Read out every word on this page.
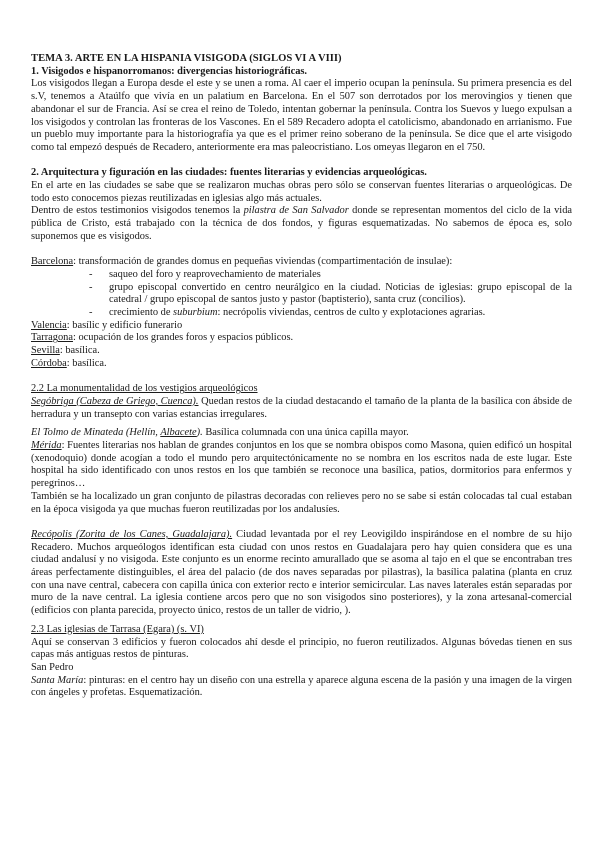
TEMA 3. ARTE EN LA HISPANIA VISIGODA (SIGLOS VI A VIII)

1. Visigodos e hispanorromanos: divergencias historiográficas.

Los visigodos llegan a Europa desde el este y se unen a roma. Al caer el imperio ocupan la península. Su primera presencia es del s.V, tenemos a Ataúlfo que vivía en un palatium en Barcelona. En el 507 son derrotados por los merovingios y tienen que abandonar el sur de Francia. Así se crea el reino de Toledo, intentan gobernar la península. Contra los Suevos y luego expulsan a los visigodos y controlan las fronteras de los Vascones. En el 589 Recadero adopta el catolicismo, abandonado en arrianismo. Fue un pueblo muy importante para la historiografía ya que es el primer reino soberano de la península. Se dice que el arte visigodo como tal empezó después de Recadero, anteriormente era mas paleocristiano. Los omeyas llegaron en el 750.

2. Arquitectura y figuración en las ciudades: fuentes literarias y evidencias arqueológicas.

En el arte en las ciudades se sabe que se realizaron muchas obras pero sólo se conservan fuentes literarias o arqueológicas. De todo esto conocemos piezas reutilizadas en iglesias algo más actuales.

Dentro de estos testimonios visigodos tenemos la pilastra de San Salvador donde se representan momentos del ciclo de la vida pública de Cristo, está trabajado con la técnica de dos fondos, y figuras esquematizadas. No sabemos de época es, solo suponemos que es visigodos.

Barcelona: transformación de grandes domus en pequeñas viviendas (compartimentación de insulae):

- saqueo del foro y reaprovechamiento de materiales
- grupo episcopal convertido en centro neurálgico en la ciudad. Noticias de iglesias: grupo episcopal de la catedral / grupo episcopal de santos justo y pastor (baptisterio), santa cruz (concilios).
- crecimiento de suburbium: necrópolis viviendas, centros de culto y explotaciones agrarias.

Valencia: basílic y edificio funerario

Tarragona: ocupación de los grandes foros y espacios públicos.

Sevilla: basílica.

Córdoba: basílica.

2.2 La monumentalidad de los vestigios arqueológicos

Segóbriga (Cabeza de Griego, Cuenca). Quedan restos de la ciudad destacando el tamaño de la planta de la basílica con ábside de herradura y un transepto con varias estancias irregulares.

El Tolmo de Minateda (Hellín, Albacete). Basílica columnada con una única capilla mayor.

Mérida: Fuentes literarias nos hablan de grandes conjuntos en los que se nombra obispos como Masona, quien edificó un hospital (xenodoquio) donde acogían a todo el mundo pero arquitectónicamente no se nombra en los escritos nada de este lugar. Este hospital ha sido identificado con unos restos en los que también se reconoce una basílica, patios, dormitorios para enfermos y peregrinos…

También se ha localizado un gran conjunto de pilastras decoradas con relieves pero no se sabe si están colocadas tal cual estaban en la época visigoda ya que muchas fueron reutilizadas por los andalusíes.

Recópolis (Zorita de los Canes, Guadalajara). Ciudad levantada por el rey Leovigildo inspirándose en el nombre de su hijo Recadero. Muchos arqueólogos identifican esta ciudad con unos restos en Guadalajara pero hay quien considera que es una ciudad andalusí y no visigoda. Este conjunto es un enorme recinto amurallado que se asoma al tajo en el que se encontraban tres áreas perfectamente distinguibles, el área del palacio (de dos naves separadas por pilastras), la basílica palatina (planta en cruz con una nave central, cabecera con capilla única con exterior recto e interior semicircular. Las naves laterales están separadas por muro de la nave central. La iglesia contiene arcos pero que no son visigodos sino posteriores), y la zona artesanal-comercial (edificios con planta parecida, proyecto único, restos de un taller de vidrio, ).

2.3 Las iglesias de Tarrasa (Egara) (s. VI)

Aquí se conservan 3 edificios y fueron colocados ahí desde el principio, no fueron reutilizados. Algunas bóvedas tienen en sus capas más antiguas restos de pinturas.

San Pedro

Santa María: pinturas: en el centro hay un diseño con una estrella y aparece alguna escena de la pasión y una imagen de la virgen con ángeles y profetas. Esquematización.
